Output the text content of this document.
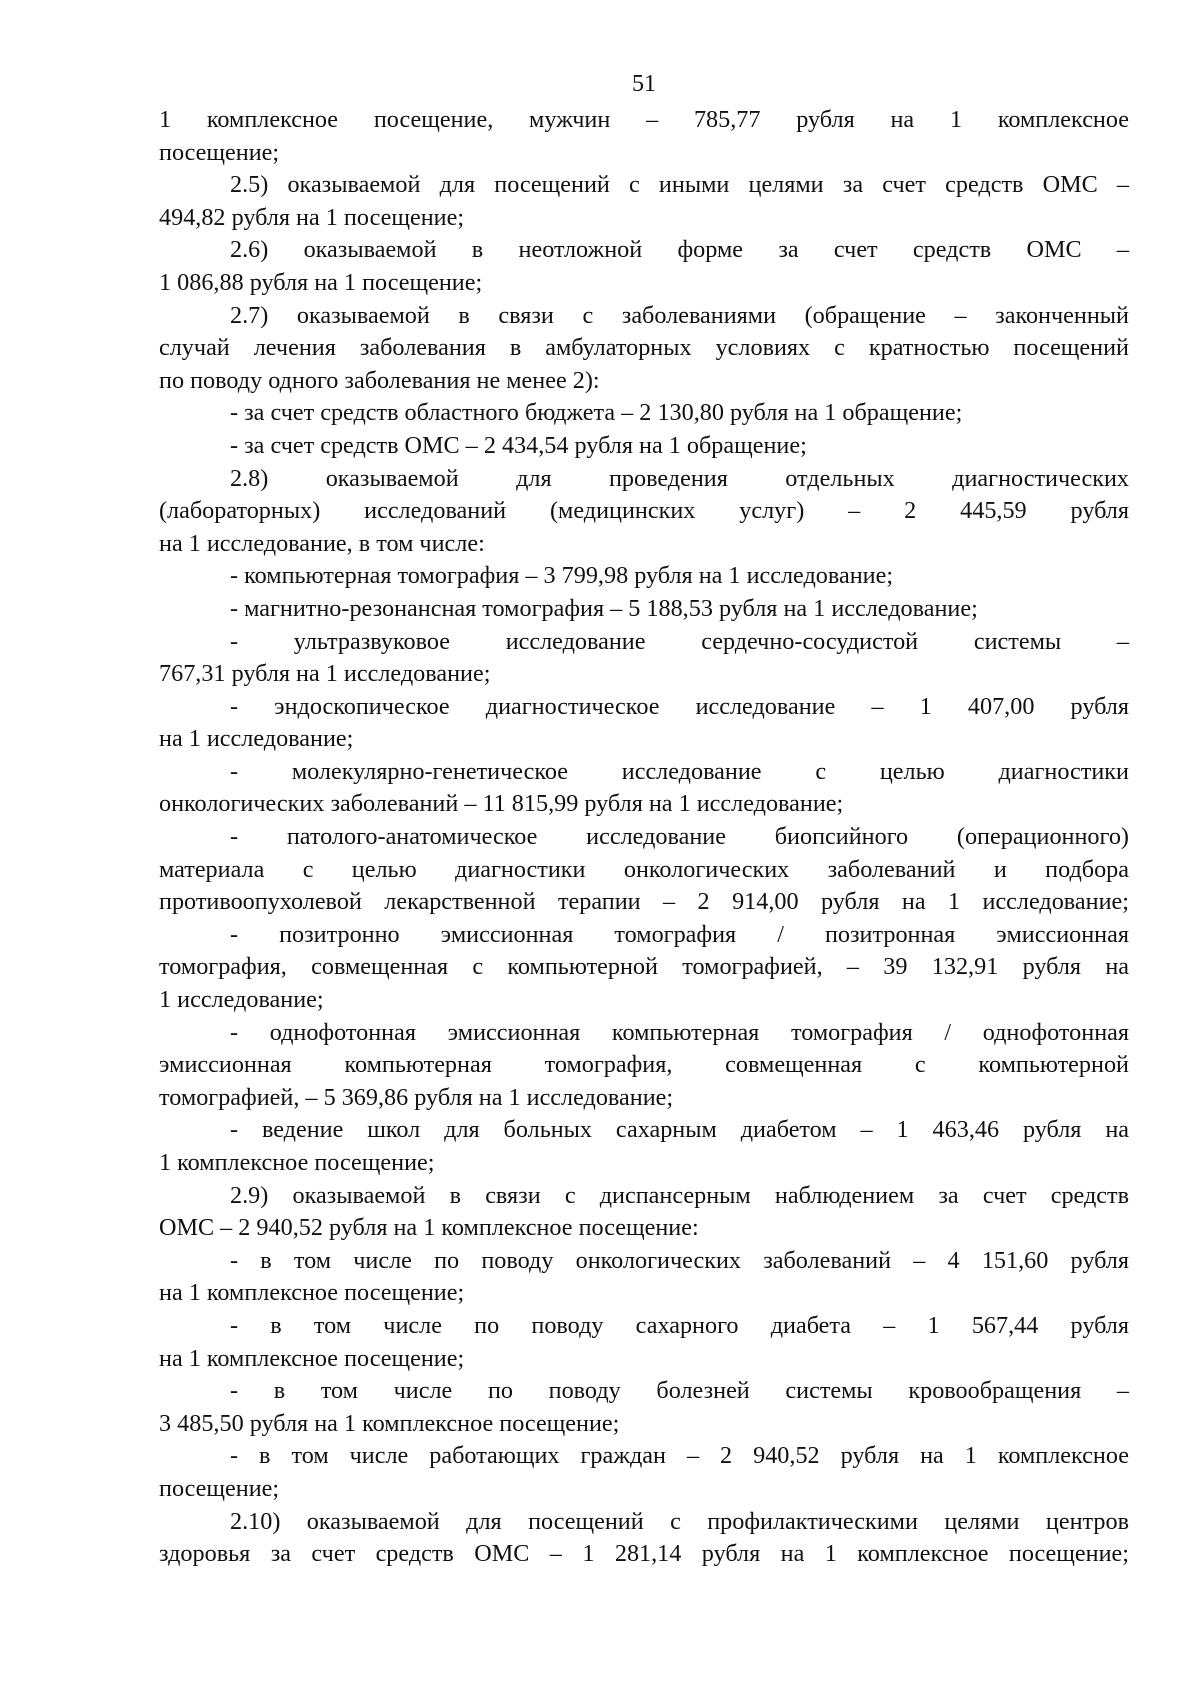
51
1 комплексное посещение, мужчин – 785,77 рубля на 1 комплексное
посещение;
2.5) оказываемой для посещений с иными целями за счет средств ОМС –
494,82 рубля на 1 посещение;
2.6) оказываемой в неотложной форме за счет средств ОМС –
1 086,88 рубля на 1 посещение;
2.7) оказываемой в связи с заболеваниями (обращение – законченный
случай лечения заболевания в амбулаторных условиях с кратностью посещений
по поводу одного заболевания не менее 2):
- за счет средств областного бюджета – 2 130,80 рубля на 1 обращение;
- за счет средств ОМС – 2 434,54 рубля на 1 обращение;
2.8) оказываемой для проведения отдельных диагностических
(лабораторных) исследований (медицинских услуг) – 2 445,59 рубля
на 1 исследование, в том числе:
- компьютерная томография – 3 799,98 рубля на 1 исследование;
- магнитно-резонансная томография – 5 188,53 рубля на 1 исследование;
- ультразвуковое исследование сердечно-сосудистой системы –
767,31 рубля на 1 исследование;
- эндоскопическое диагностическое исследование – 1 407,00 рубля
на 1 исследование;
- молекулярно-генетическое исследование с целью диагностики
онкологических заболеваний – 11 815,99 рубля на 1 исследование;
- патолого-анатомическое исследование биопсийного (операционного)
материала с целью диагностики онкологических заболеваний и подбора
противоопухолевой лекарственной терапии – 2 914,00 рубля на 1 исследование;
- позитронно эмиссионная томография / позитронная эмиссионная
томография, совмещенная с компьютерной томографией, – 39 132,91 рубля на
1 исследование;
- однофотонная эмиссионная компьютерная томография / однофотонная
эмиссионная компьютерная томография, совмещенная с компьютерной
томографией, – 5 369,86 рубля на 1 исследование;
- ведение школ для больных сахарным диабетом – 1 463,46 рубля на
1 комплексное посещение;
2.9) оказываемой в связи с диспансерным наблюдением за счет средств
ОМС – 2 940,52 рубля на 1 комплексное посещение:
- в том числе по поводу онкологических заболеваний – 4 151,60 рубля
на 1 комплексное посещение;
- в том числе по поводу сахарного диабета – 1 567,44 рубля
на 1 комплексное посещение;
- в том числе по поводу болезней системы кровообращения –
3 485,50 рубля на 1 комплексное посещение;
- в том числе работающих граждан – 2 940,52 рубля на 1 комплексное
посещение;
2.10) оказываемой для посещений с профилактическими целями центров
здоровья за счет средств ОМС – 1 281,14 рубля на 1 комплексное посещение;
